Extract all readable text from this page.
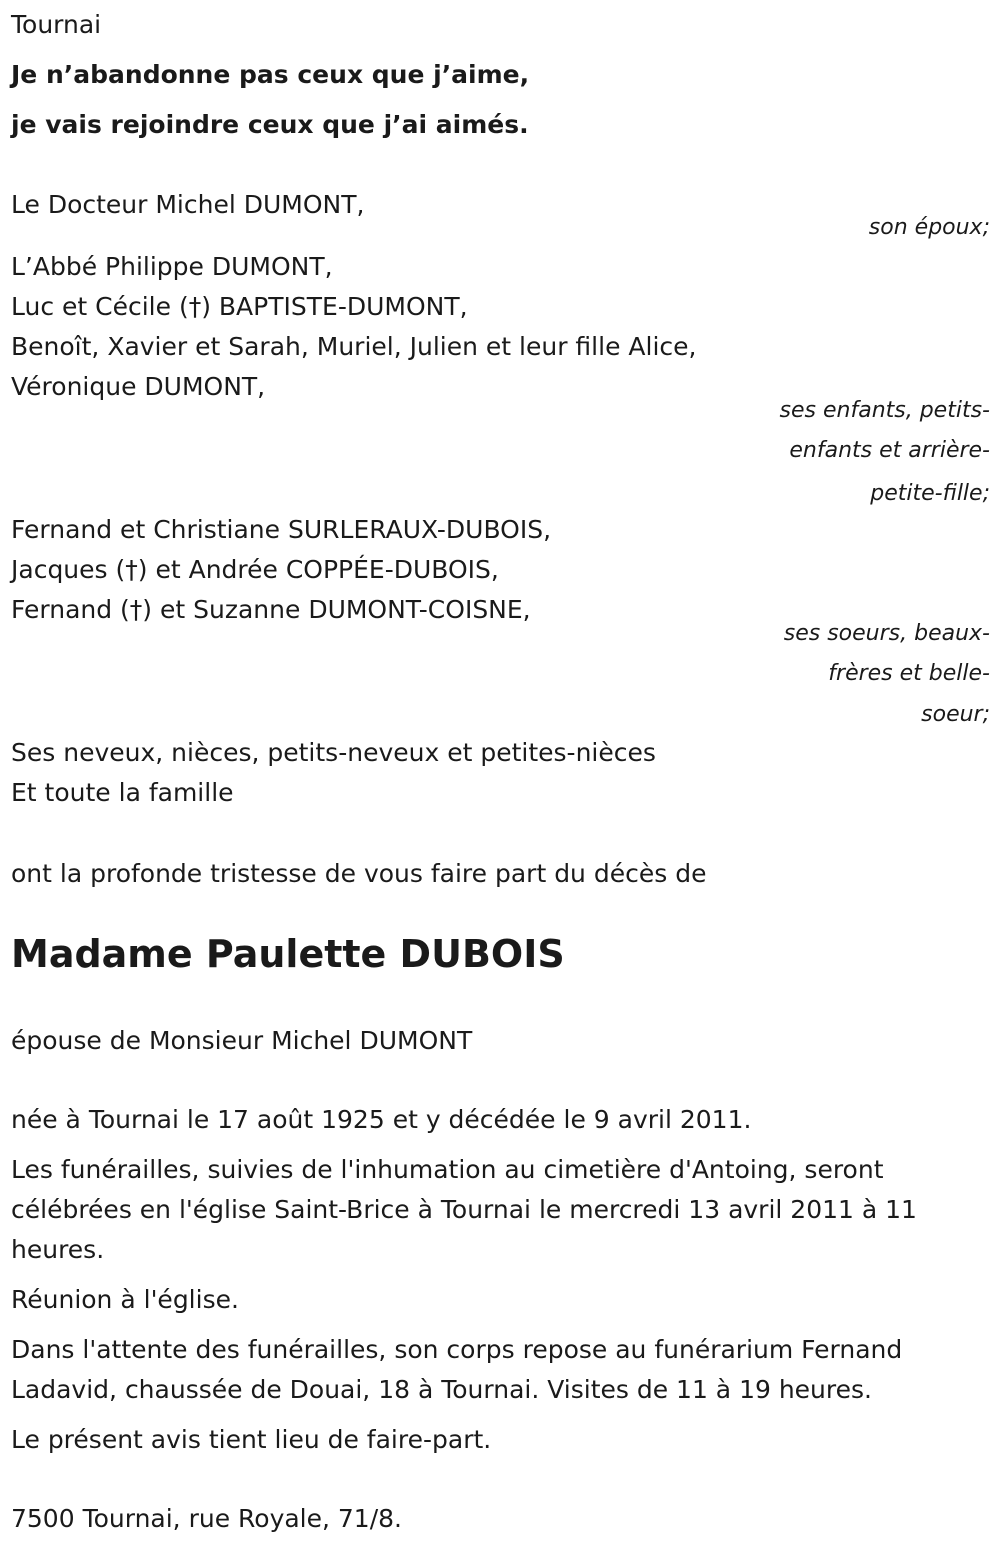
Tournai
Je n’abandonne pas ceux que j’aime,
je vais rejoindre ceux que j’ai aimés.
Le Docteur Michel DUMONT,
son époux;
L’Abbé Philippe DUMONT,
Luc et Cécile (†) BAPTISTE-DUMONT,
Benoît, Xavier et Sarah, Muriel, Julien et leur fille Alice,
Véronique DUMONT,
ses enfants, petits-
enfants et arrière-
petite-fille;
Fernand et Christiane SURLERAUX-DUBOIS,
Jacques (†) et Andrée COPPÉE-DUBOIS,
Fernand (†) et Suzanne DUMONT-COISNE,
ses soeurs, beaux-
frères et belle-
soeur;
Ses neveux, nièces, petits-neveux et petites-nièces
Et toute la famille
ont la profonde tristesse de vous faire part du décès de
Madame Paulette DUBOIS
épouse de Monsieur Michel DUMONT
née à Tournai le 17 août 1925 et y décédée le 9 avril 2011.
Les funérailles, suivies de l'inhumation au cimetière d'Antoing, seront
célébrées en l'église Saint-Brice à Tournai le mercredi 13 avril 2011 à 11
heures.
Réunion à l'église.
Dans l'attente des funérailles, son corps repose au funérarium Fernand
Ladavid, chaussée de Douai, 18 à Tournai. Visites de 11 à 19 heures.
Le présent avis tient lieu de faire-part.
7500 Tournai, rue Royale, 71/8.
